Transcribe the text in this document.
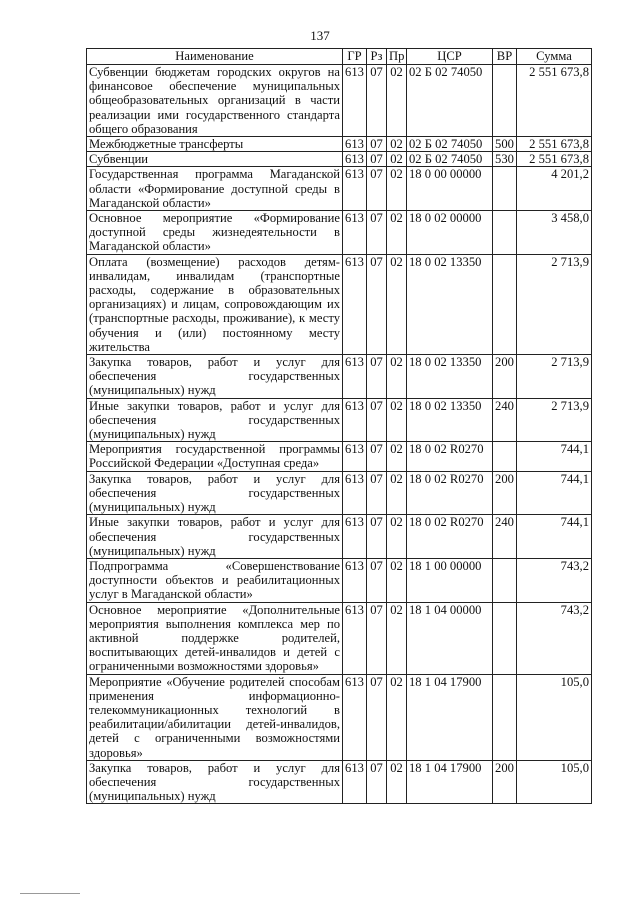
137
Наименование	ГР	Рз	Пр	ЦСР	ВР	Сумма
Субвенции бюджетам городских округов на финансовое обеспечение муниципальных общеобразовательных организаций в части реализации ими государственного стандарта общего образования	613	07	02	02 Б 02 74050		2 551 673,8
Межбюджетные трансферты	613	07	02	02 Б 02 74050	500	2 551 673,8
Субвенции	613	07	02	02 Б 02 74050	530	2 551 673,8
Государственная программа Магаданской области «Формирование доступной среды в Магаданской области»	613	07	02	18 0 00 00000		4 201,2
Основное мероприятие «Формирование доступной среды жизнедеятельности в Магаданской области»	613	07	02	18 0 02 00000		3 458,0
Оплата (возмещение) расходов детям-инвалидам, инвалидам (транспортные расходы, содержание в образовательных организациях) и лицам, сопровождающим их (транспортные расходы, проживание), к месту обучения и (или) постоянному месту жительства	613	07	02	18 0 02 13350		2 713,9
Закупка товаров, работ и услуг для обеспечения государственных (муниципальных) нужд	613	07	02	18 0 02 13350	200	2 713,9
Иные закупки товаров, работ и услуг для обеспечения государственных (муниципальных) нужд	613	07	02	18 0 02 13350	240	2 713,9
Мероприятия государственной программы Российской Федерации «Доступная среда»	613	07	02	18 0 02 R0270		744,1
Закупка товаров, работ и услуг для обеспечения государственных (муниципальных) нужд	613	07	02	18 0 02 R0270	200	744,1
Иные закупки товаров, работ и услуг для обеспечения государственных (муниципальных) нужд	613	07	02	18 0 02 R0270	240	744,1
Подпрограмма «Совершенствование доступности объектов и реабилитационных услуг в Магаданской области»	613	07	02	18 1 00 00000		743,2
Основное мероприятие «Дополнительные мероприятия выполнения комплекса мер по активной поддержке родителей, воспитывающих детей-инвалидов и детей с ограниченными возможностями здоровья»	613	07	02	18 1 04 00000		743,2
Мероприятие «Обучение родителей способам применения информационно-телекоммуникационных технологий в реабилитации/абилитации детей-инвалидов, детей с ограниченными возможностями здоровья»	613	07	02	18 1 04 17900		105,0
Закупка товаров, работ и услуг для обеспечения государственных (муниципальных) нужд	613	07	02	18 1 04 17900	200	105,0
